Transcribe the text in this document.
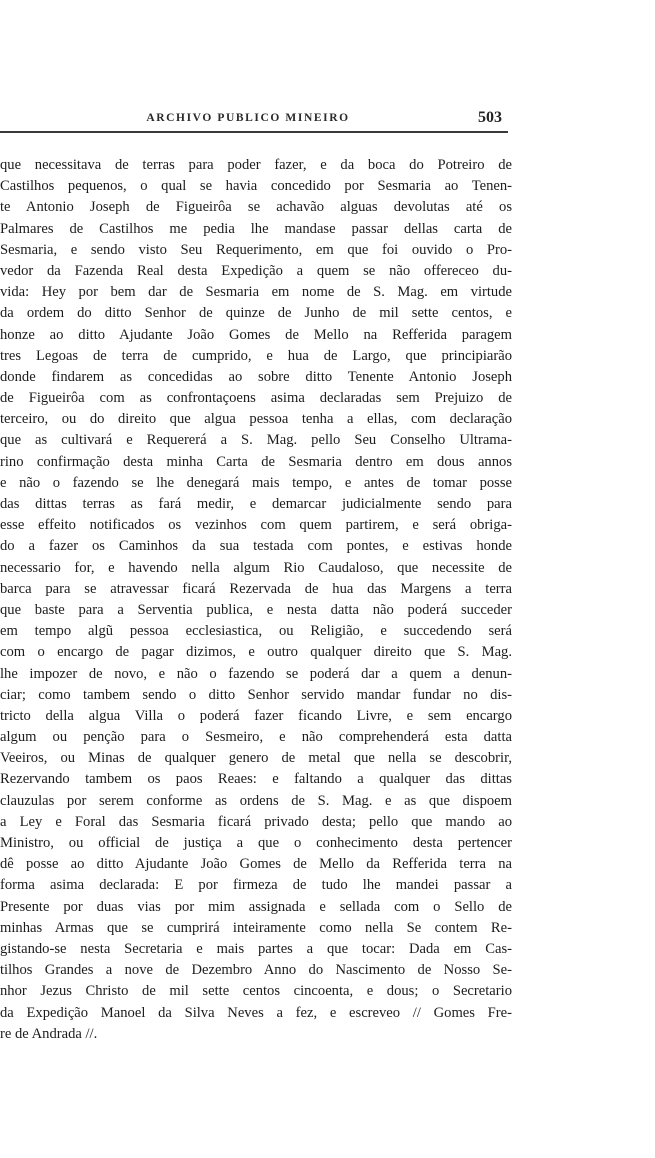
ARCHIVO PUBLICO MINEIRO	503
que necessitava de terras para poder fazer, e da boca do Potreiro de
Castilhos pequenos, o qual se havia concedido por Sesmaria ao Tenen-
te Antonio Joseph de Figueirôa se achavão alguas devolutas até os
Palmares de Castilhos me pedia lhe mandase passar dellas carta de
Sesmaria, e sendo visto Seu Requerimento, em que foi ouvido o Pro-
vedor da Fazenda Real desta Expedição a quem se não offereceo du-
vida: Hey por bem dar de Sesmaria em nome de S. Mag. em virtude
da ordem do ditto Senhor de quinze de Junho de mil sette centos, e
honze ao ditto Ajudante João Gomes de Mello na Refferida paragem
tres Legoas de terra de cumprido, e hua de Largo, que principiarão
donde findarem as concedidas ao sobre ditto Tenente Antonio Joseph
de Figueirôa com as confrontaçoens asima declaradas sem Prejuizo de
terceiro, ou do direito que algua pessoa tenha a ellas, com declaração
que as cultivará e Requererá a S. Mag. pello Seu Conselho Ultrama-
rino confirmação desta minha Carta de Sesmaria dentro em dous annos
e não o fazendo se lhe denegará mais tempo, e antes de tomar posse
das dittas terras as fará medir, e demarcar judicialmente sendo para
esse effeito notificados os vezinhos com quem partirem, e será obriga-
do a fazer os Caminhos da sua testada com pontes, e estivas honde
necessario for, e havendo nella algum Rio Caudaloso, que necessite de
barca para se atravessar ficará Rezervada de hua das Margens a terra
que baste para a Serventia publica, e nesta datta não poderá succeder
em tempo algũ pessoa ecclesiastica, ou Religião, e succedendo será
com o encargo de pagar dizimos, e outro qualquer direito que S. Mag.
lhe impozer de novo, e não o fazendo se poderá dar a quem a denun-
ciar; como tambem sendo o ditto Senhor servido mandar fundar no dis-
tricto della algua Villa o poderá fazer ficando Livre, e sem encargo
algum ou penção para o Sesmeiro, e não comprehenderá esta datta
Veeiros, ou Minas de qualquer genero de metal que nella se descobrir,
Rezervando tambem os paos Reaes: e faltando a qualquer das dittas
clauzulas por serem conforme as ordens de S. Mag. e as que dispoem
a Ley e Foral das Sesmaria ficará privado desta; pello que mando ao
Ministro, ou official de justiça a que o conhecimento desta pertencer
dê posse ao ditto Ajudante João Gomes de Mello da Refferida terra na
forma asima declarada: E por firmeza de tudo lhe mandei passar a
Presente por duas vias por mim assignada e sellada com o Sello de
minhas Armas que se cumprirá inteiramente como nella Se contem Re-
gistando-se nesta Secretaria e mais partes a que tocar: Dada em Cas-
tilhos Grandes a nove de Dezembro Anno do Nascimento de Nosso Se-
nhor Jezus Christo de mil sette centos cincoenta, e dous; o Secretario
da Expedição Manoel da Silva Neves a fez, e escreveo // Gomes Fre-
re de Andrada //.
